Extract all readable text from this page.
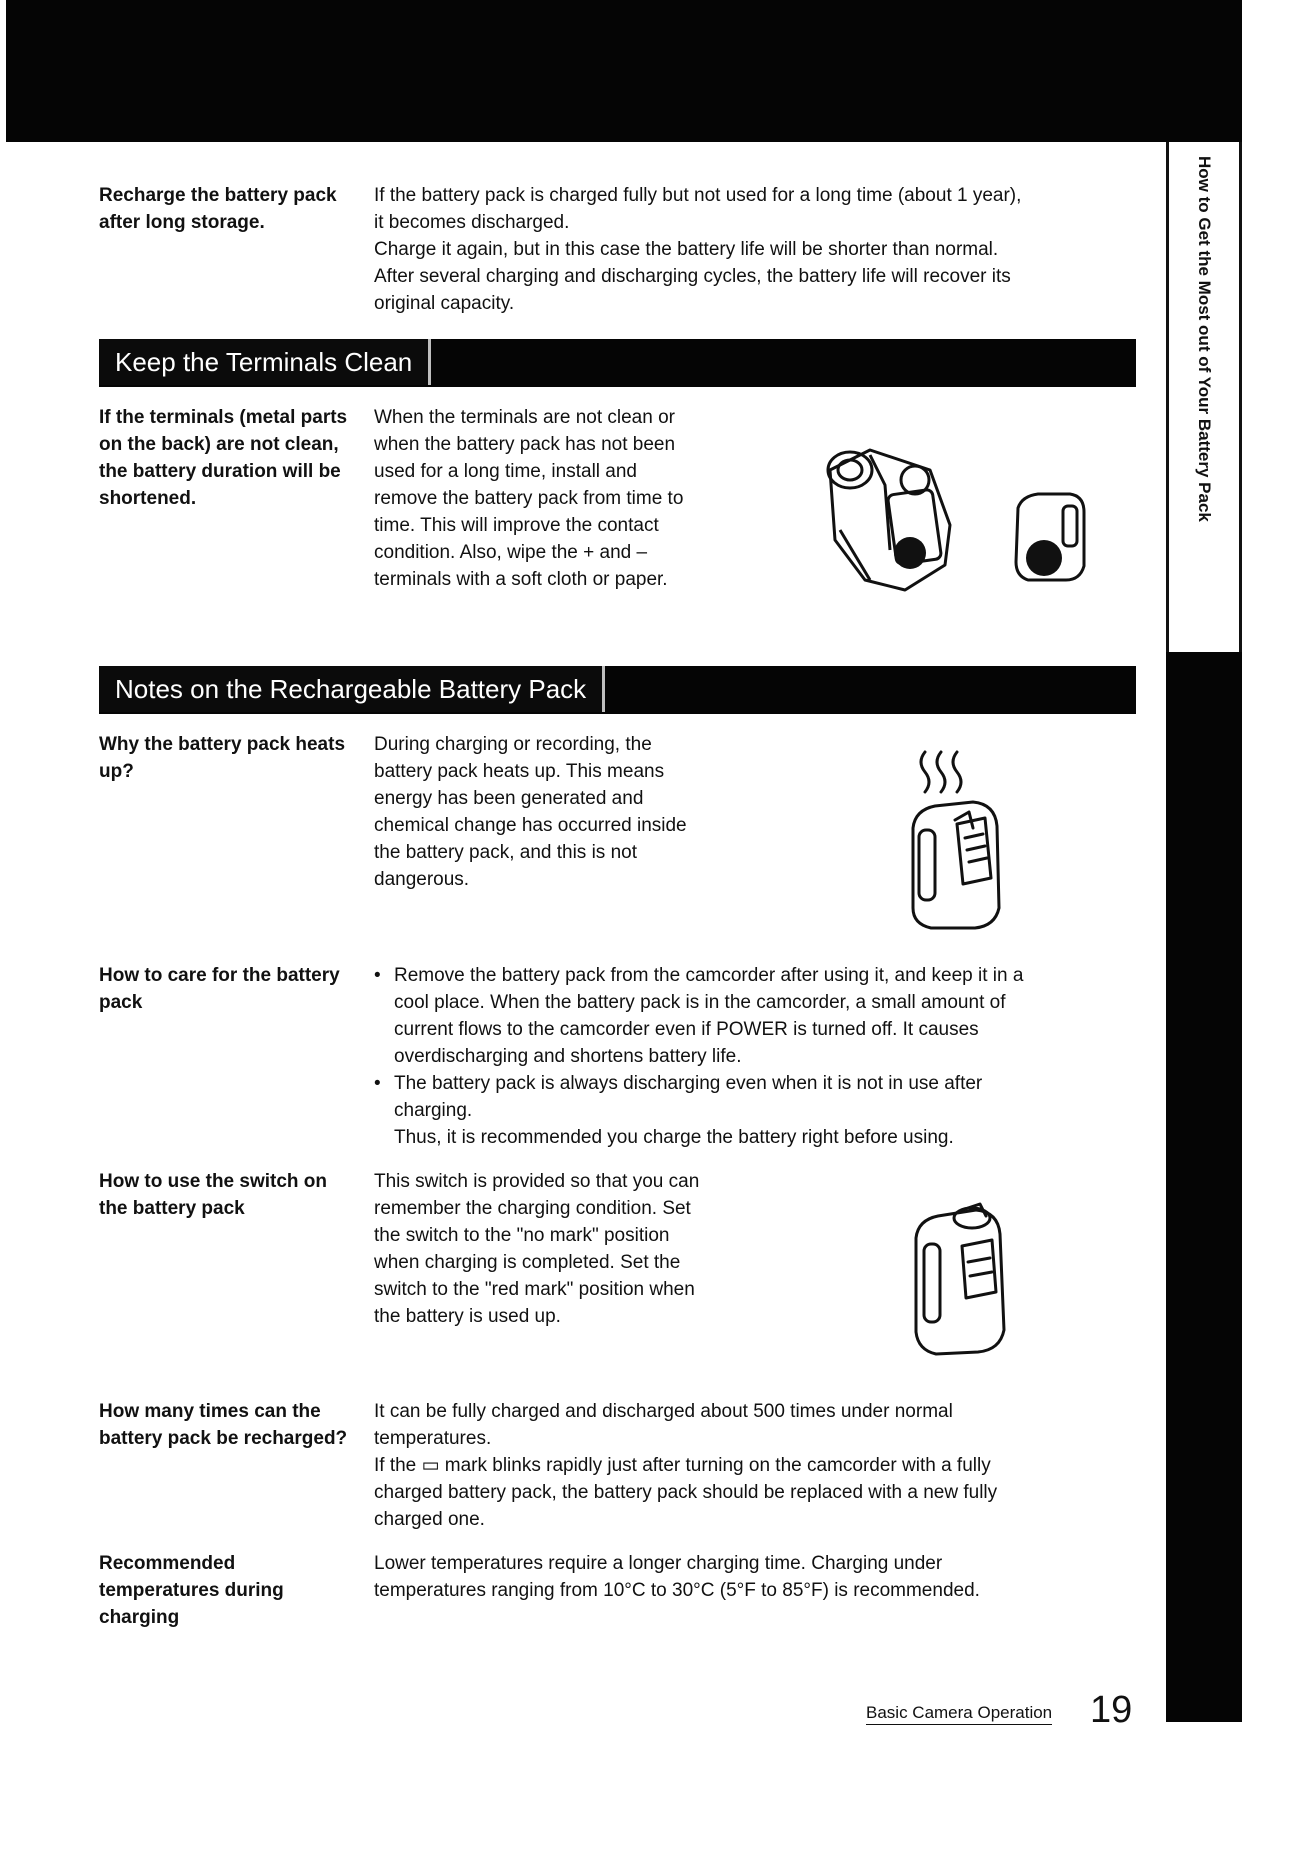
How to Get the Most out of Your Battery Pack
Recharge the battery pack after long storage.

If the battery pack is charged fully but not used for a long time (about 1 year),

it becomes discharged.

Charge it again, but in this case the battery life will be shorter than normal.

After several charging and discharging cycles, the battery life will recover its

original capacity.

Keep the Terminals Clean
If the terminals (metal parts on the back) are not clean, the battery duration will be shortened.

When the terminals are not clean or

when the battery pack has not been

used for a long time, install and

remove the battery pack from time to

time. This will improve the contact

condition. Also, wipe the + and –

terminals with a soft cloth or paper.

Notes on the Rechargeable Battery Pack
Why the battery pack heats up?

During charging or recording, the

battery pack heats up. This means

energy has been generated and

chemical change has occurred inside

the battery pack, and this is not

dangerous.

How to care for the battery pack

• Remove the battery pack from the camcorder after using it, and keep it in a

cool place. When the battery pack is in the camcorder, a small amount of

current flows to the camcorder even if POWER is turned off. It causes

overdischarging and shortens battery life.

• The battery pack is always discharging even when it is not in use after

charging.

Thus, it is recommended you charge the battery right before using.

How to use the switch on the battery pack

This switch is provided so that you can

remember the charging condition. Set

the switch to the "no mark" position

when charging is completed. Set the

switch to the "red mark" position when

the battery is used up.

How many times can the battery pack be recharged?

It can be fully charged and discharged about 500 times under normal

temperatures.

If the ▭ mark blinks rapidly just after turning on the camcorder with a fully

charged battery pack, the battery pack should be replaced with a new fully

charged one.

Recommended temperatures during charging

Lower temperatures require a longer charging time. Charging under

temperatures ranging from 10°C to 30°C (5°F to 85°F) is recommended.

Basic Camera Operation 19
